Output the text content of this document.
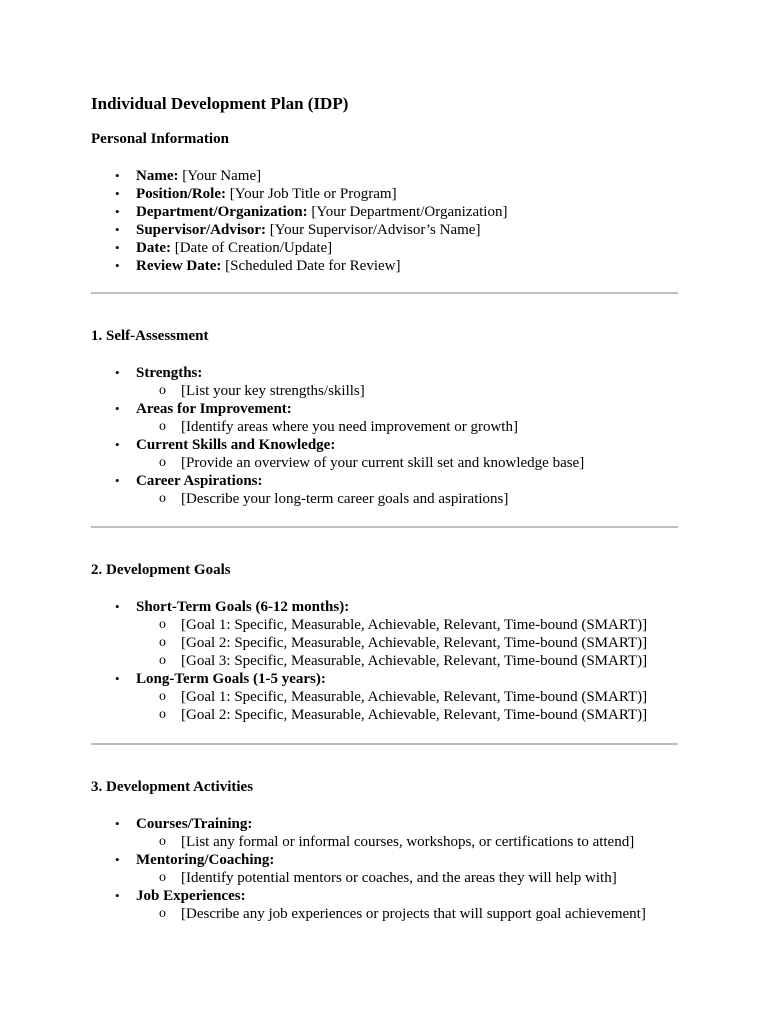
Individual Development Plan (IDP)
Personal Information
• Name: [Your Name]
• Position/Role: [Your Job Title or Program]
• Department/Organization: [Your Department/Organization]
• Supervisor/Advisor: [Your Supervisor/Advisor’s Name]
• Date: [Date of Creation/Update]
• Review Date: [Scheduled Date for Review]
1. Self-Assessment
• Strengths:
o [List your key strengths/skills]
• Areas for Improvement:
o [Identify areas where you need improvement or growth]
• Current Skills and Knowledge:
o [Provide an overview of your current skill set and knowledge base]
• Career Aspirations:
o [Describe your long-term career goals and aspirations]
2. Development Goals
• Short-Term Goals (6-12 months):
o [Goal 1: Specific, Measurable, Achievable, Relevant, Time-bound (SMART)]
o [Goal 2: Specific, Measurable, Achievable, Relevant, Time-bound (SMART)]
o [Goal 3: Specific, Measurable, Achievable, Relevant, Time-bound (SMART)]
• Long-Term Goals (1-5 years):
o [Goal 1: Specific, Measurable, Achievable, Relevant, Time-bound (SMART)]
o [Goal 2: Specific, Measurable, Achievable, Relevant, Time-bound (SMART)]
3. Development Activities
• Courses/Training:
o [List any formal or informal courses, workshops, or certifications to attend]
• Mentoring/Coaching:
o [Identify potential mentors or coaches, and the areas they will help with]
• Job Experiences:
o [Describe any job experiences or projects that will support goal achievement]
